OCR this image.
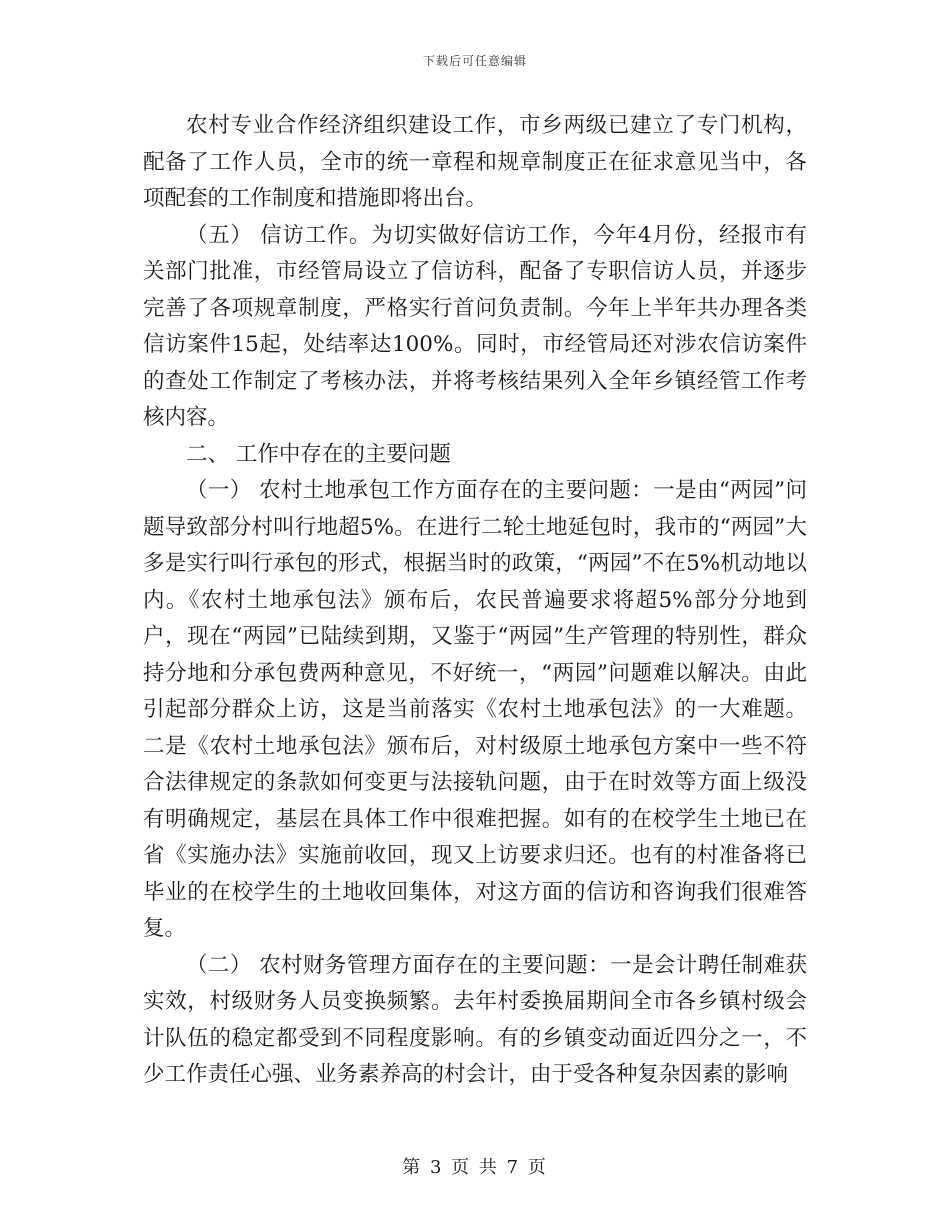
下载后可任意编辑

农村专业合作经济组织建设工作，市乡两级已建立了专门机构，配备了工作人员，全市的统一章程和规章制度正在征求意见当中，各项配套的工作制度和措施即将出台。

（五） 信访工作。为切实做好信访工作，今年4月份，经报市有关部门批准，市经管局设立了信访科，配备了专职信访人员，并逐步完善了各项规章制度，严格实行首问负责制。今年上半年共办理各类信访案件15起，处结率达100%。同时，市经管局还对涉农信访案件的查处工作制定了考核办法，并将考核结果列入全年乡镇经管工作考核内容。

二、 工作中存在的主要问题

（一） 农村土地承包工作方面存在的主要问题：一是由“两园”问题导致部分村叫行地超5%。在进行二轮土地延包时，我市的“两园”大多是实行叫行承包的形式，根据当时的政策，“两园”不在5%机动地以内。《农村土地承包法》颁布后，农民普遍要求将超5%部分分地到户，现在“两园”已陆续到期，又鉴于“两园”生产管理的特别性，群众持分地和分承包费两种意见，不好统一，“两园”问题难以解决。由此引起部分群众上访，这是当前落实《农村土地承包法》的一大难题。二是《农村土地承包法》颁布后，对村级原土地承包方案中一些不符合法律规定的条款如何变更与法接轨问题，由于在时效等方面上级没有明确规定，基层在具体工作中很难把握。如有的在校学生土地已在省《实施办法》实施前收回，现又上访要求归还。也有的村准备将已毕业的在校学生的土地收回集体，对这方面的信访和咨询我们很难答复。

（二） 农村财务管理方面存在的主要问题：一是会计聘任制难获实效，村级财务人员变换频繁。去年村委换届期间全市各乡镇村级会计队伍的稳定都受到不同程度影响。有的乡镇变动面近四分之一，不少工作责任心强、业务素养高的村会计，由于受各种复杂因素的影响

第 3 页 共 7 页
